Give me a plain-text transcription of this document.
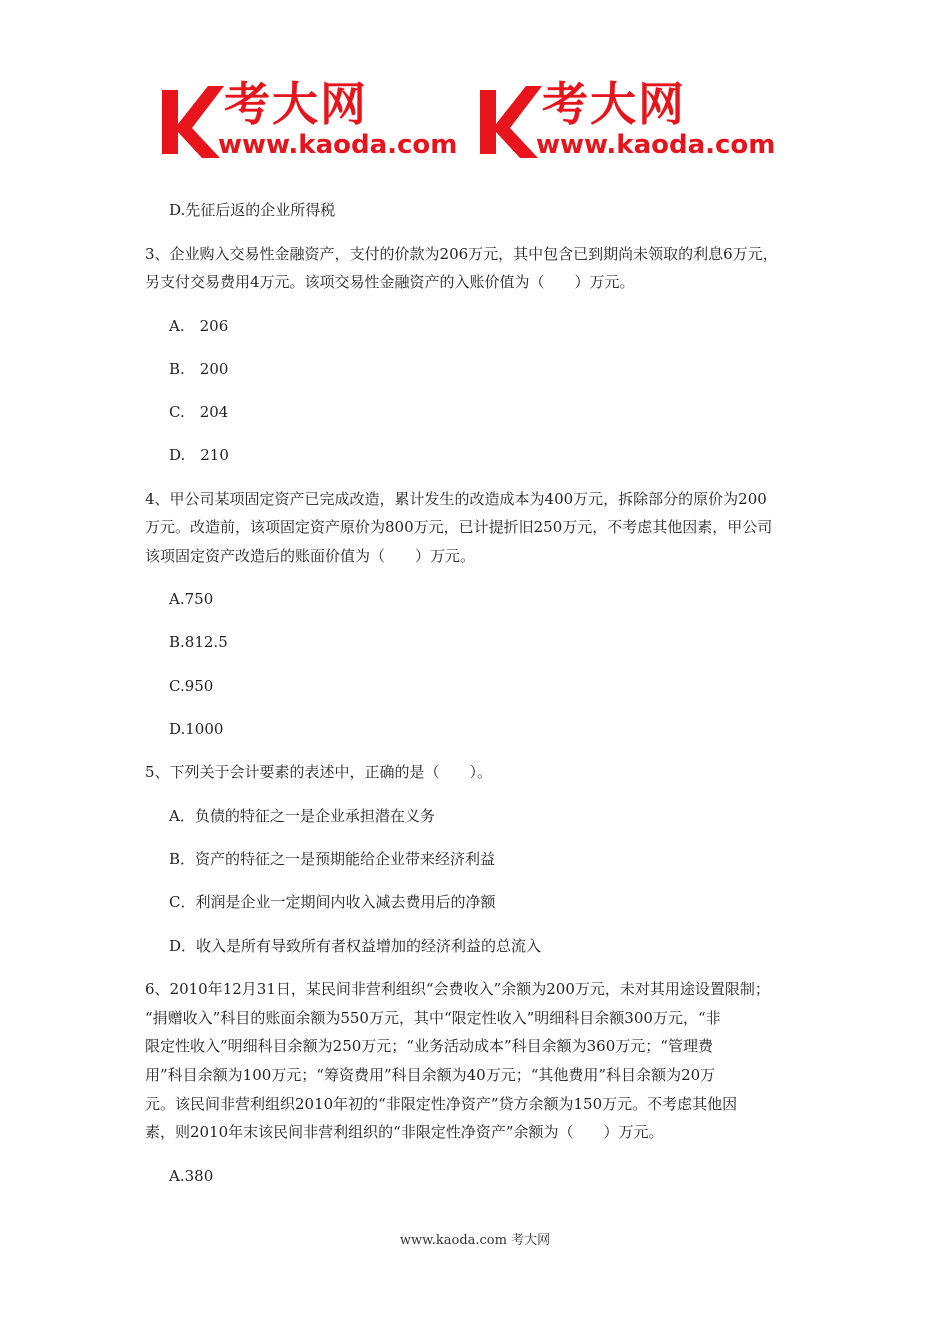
考大网
www.kaoda.com
考大网
www.kaoda.com
D.先征后返的企业所得税
3、企业购入交易性金融资产，支付的价款为206万元，其中包含已到期尚未领取的利息6万元，
另支付交易费用4万元。该项交易性金融资产的入账价值为（　　）万元。
A.　206
B.　200
C.　204
D.　210
4、甲公司某项固定资产已完成改造，累计发生的改造成本为400万元，拆除部分的原价为200
万元。改造前，该项固定资产原价为800万元，已计提折旧250万元，不考虑其他因素，甲公司
该项固定资产改造后的账面价值为（　　）万元。
A.750
B.812.5
C.950
D.1000
5、下列关于会计要素的表述中，正确的是（　　）。
A．负债的特征之一是企业承担潜在义务
B．资产的特征之一是预期能给企业带来经济利益
C．利润是企业一定期间内收入减去费用后的净额
D．收入是所有导致所有者权益增加的经济利益的总流入
6、2010年12月31日，某民间非营利组织“会费收入”余额为200万元，未对其用途设置限制；
“捐赠收入”科目的账面余额为550万元，其中“限定性收入”明细科目余额300万元，“非
限定性收入”明细科目余额为250万元；“业务活动成本”科目余额为360万元；“管理费
用”科目余额为100万元；“筹资费用”科目余额为40万元；“其他费用”科目余额为20万
元。该民间非营利组织2010年初的“非限定性净资产”贷方余额为150万元。不考虑其他因
素，则2010年末该民间非营利组织的“非限定性净资产”余额为（　　）万元。
A.380
www.kaoda.com 考大网
